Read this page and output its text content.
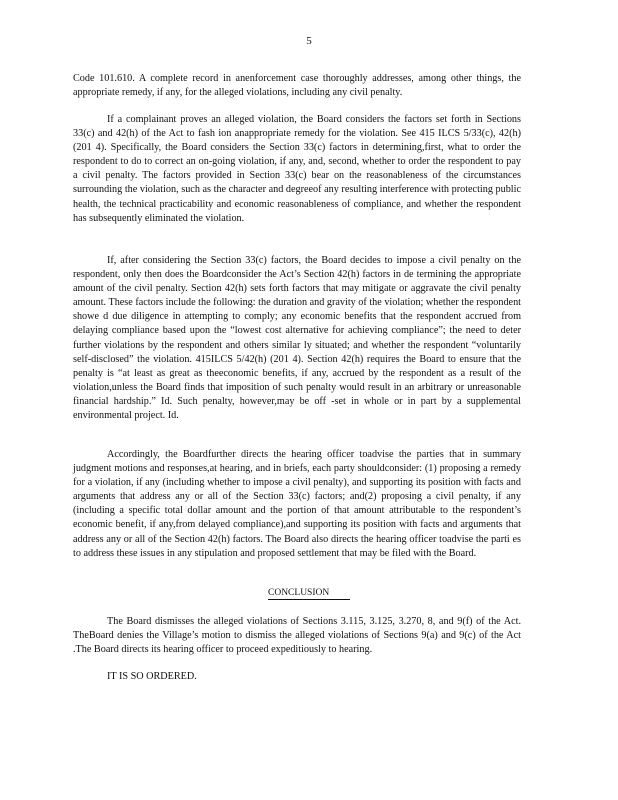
5

Code 101.610. A complete record in anenforcement case thoroughly addresses, among other things, the appropriate remedy, if any, for the alleged violations, including any civil penalty.

If a complainant proves an alleged violation, the Board considers the factors set forth in Sections 33(c) and 42(h) of the Act to fash ion anappropriate remedy for the violation. See 415 ILCS 5/33(c), 42(h) (201 4). Specifically, the Board considers the Section 33(c) factors in determining,first, what to order the respondent to do to correct an on-going violation, if any, and, second, whether to order the respondent to pay a civil penalty. The factors provided in Section 33(c) bear on the reasonableness of the circumstances surrounding the violation, such as the character and degreeof any resulting interference with protecting public health, the technical practicability and economic reasonableness of compliance, and whether the respondent has subsequently eliminated the violation.

If, after considering the Section 33(c) factors, the Board decides to impose a civil penalty on the respondent, only then does the Boardconsider the Act’s Section 42(h) factors in de termining the appropriate amount of the civil penalty. Section 42(h) sets forth factors that may mitigate or aggravate the civil penalty amount. These factors include the following: the duration and gravity of the violation; whether the respondent showe d due diligence in attempting to comply; any economic benefits that the respondent accrued from delaying compliance based upon the “lowest cost alternative for achieving compliance”; the need to deter further violations by the respondent and others similar ly situated; and whether the respondent “voluntarily self-disclosed” the violation. 415ILCS 5/42(h) (201 4). Section 42(h) requires the Board to ensure that the penalty is “at least as great as theeconomic benefits, if any, accrued by the respondent as a result of the violation,unless the Board finds that imposition of such penalty would result in an arbitrary or unreasonable financial hardship.” Id. Such penalty, however,may be off -set in whole or in part by a supplemental environmental project. Id.

Accordingly, the Boardfurther directs the hearing officer toadvise the parties that in summary judgment motions and responses,at hearing, and in briefs, each party shouldconsider: (1) proposing a remedy for a violation, if any (including whether to impose a civil penalty), and supporting its position with facts and arguments that address any or all of the Section 33(c) factors; and(2) proposing a civil penalty, if any (including a specific total dollar amount and the portion of that amount attributable to the respondent’s economic benefit, if any,from delayed compliance),and supporting its position with facts and arguments that address any or all of the Section 42(h) factors. The Board also directs the hearing officer toadvise the parti es to address these issues in any stipulation and proposed settlement that may be filed with the Board.

CONCLUSION

The Board dismisses the alleged violations of Sections 3.115, 3.125, 3.270, 8, and 9(f) of the Act. TheBoard denies the Village’s motion to dismiss the alleged violations of Sections 9(a) and 9(c) of the Act .The Board directs its hearing officer to proceed expeditiously to hearing.

IT IS SO ORDERED.
